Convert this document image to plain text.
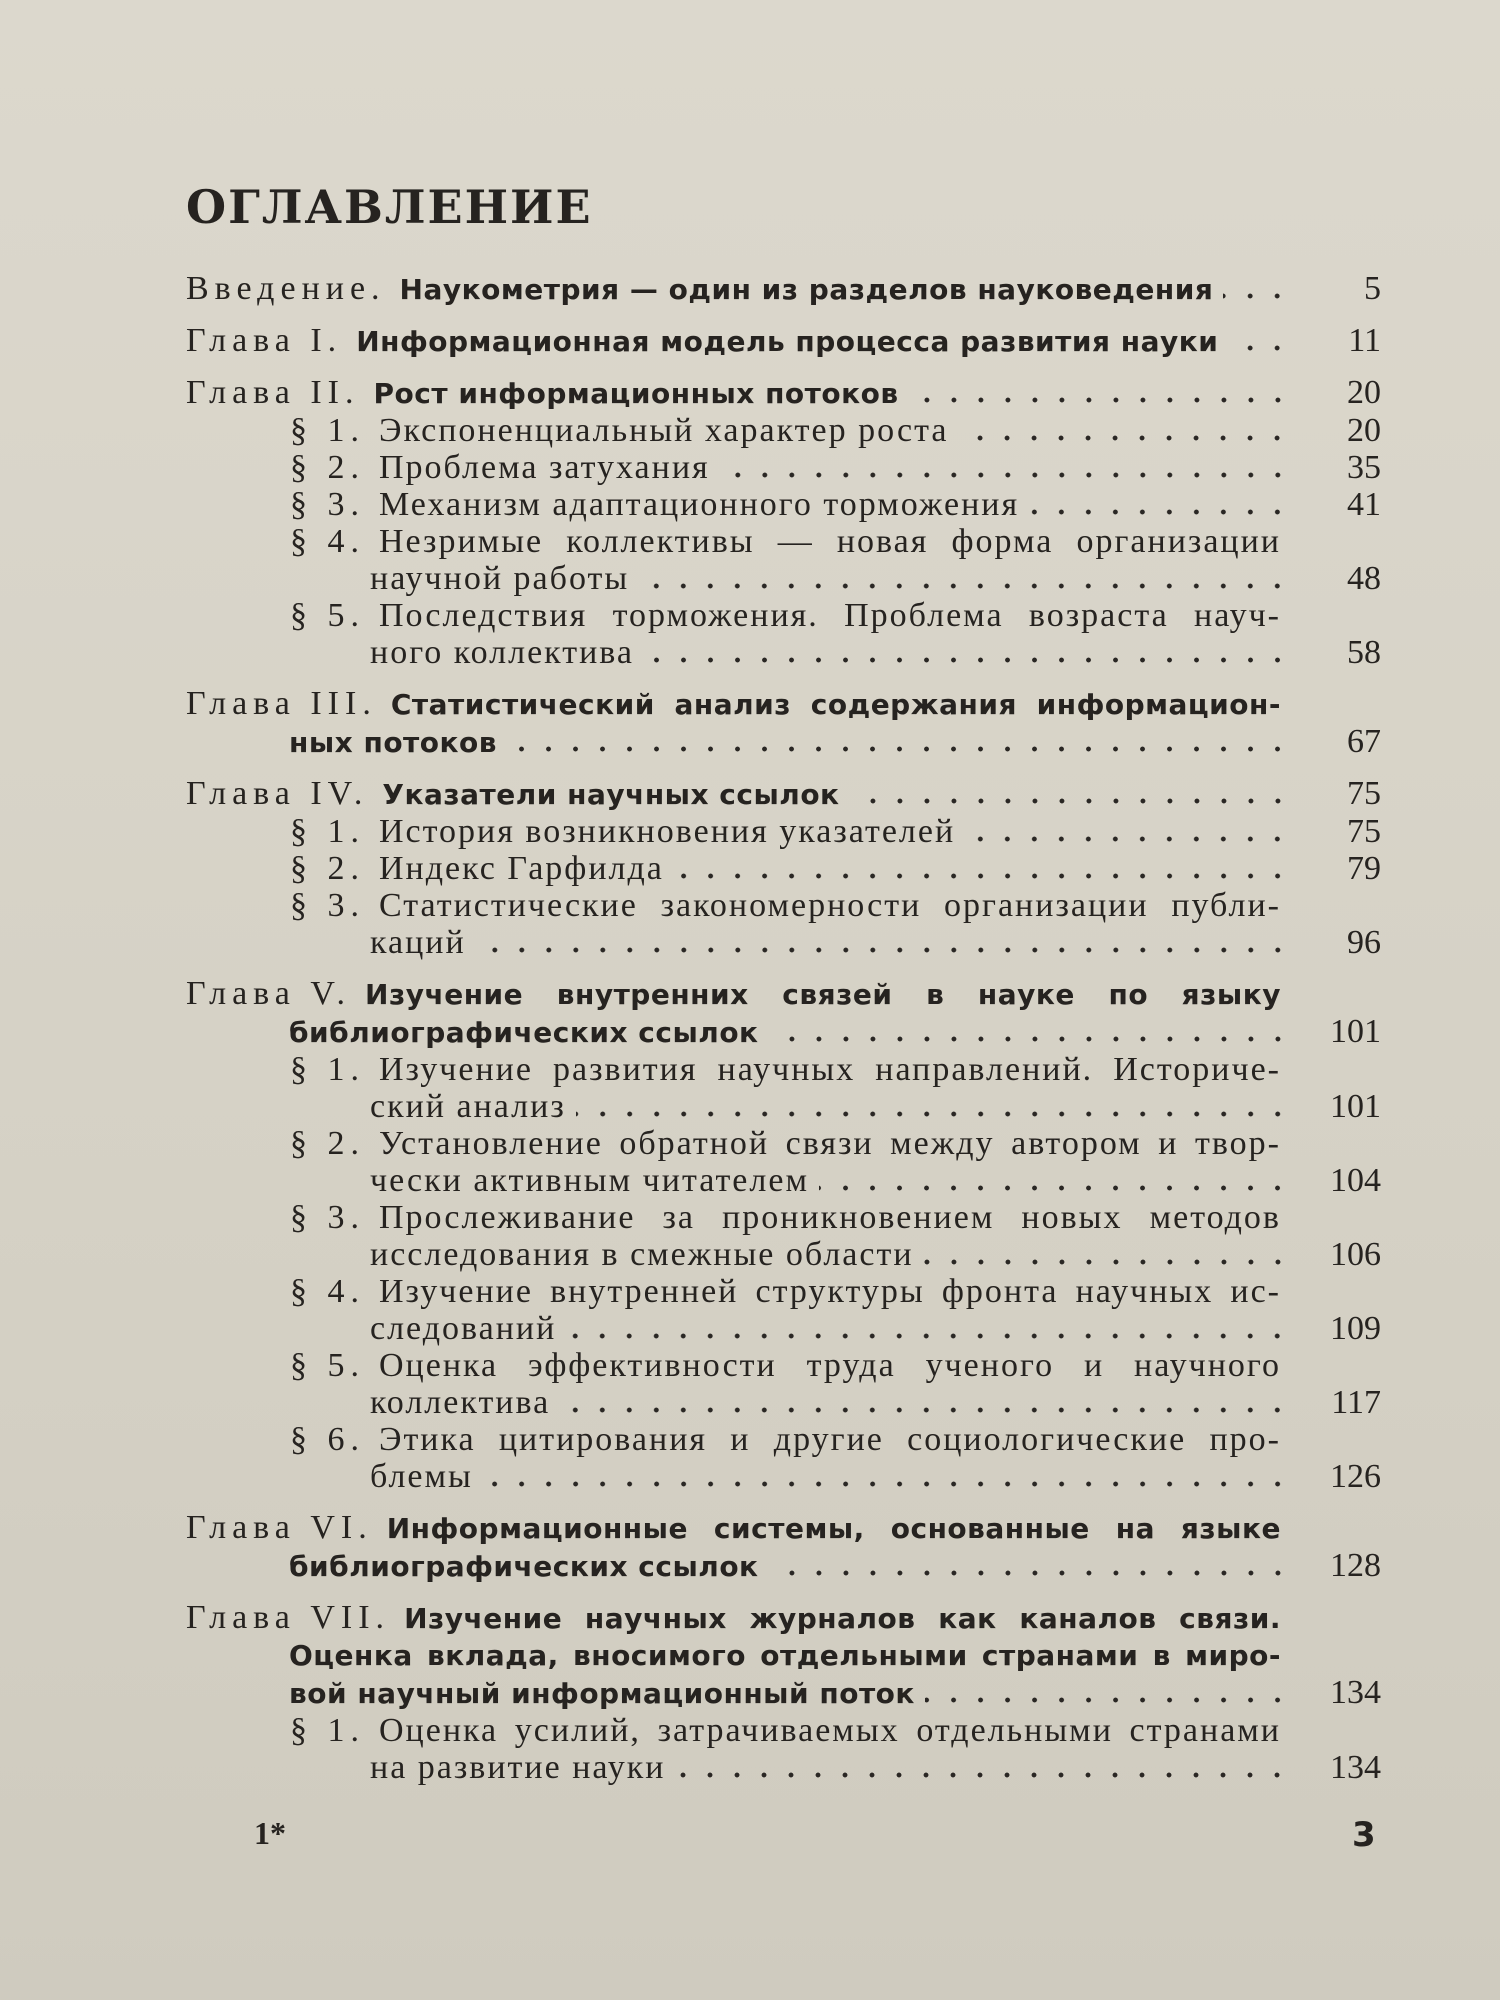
ОГЛАВЛЕНИЕ
Введение. Наукометрия — один из разделов науковедения	5
Глава I. Информационная модель процесса развития науки	11
Глава II. Рост информационных потоков	20
§ 1. Экспоненциальный характер роста	20
§ 2. Проблема затухания	35
§ 3. Механизм адаптационного торможения	41
§ 4. Незримые коллективы — новая форма организации
научной работы	48
§ 5. Последствия торможения. Проблема возраста науч-
ного коллектива	58
Глава III. Статистический анализ содержания информацион-
ных потоков	67
Глава IV. Указатели научных ссылок	75
§ 1. История возникновения указателей	75
§ 2. Индекс Гарфилда	79
§ 3. Статистические закономерности организации публи-
каций	96
Глава V. Изучение внутренних связей в науке по языку
библиографических ссылок	101
§ 1. Изучение развития научных направлений. Историче-
ский анализ	101
§ 2. Установление обратной связи между автором и твор-
чески активным читателем	104
§ 3. Прослеживание за проникновением новых методов
исследования в смежные области	106
§ 4. Изучение внутренней структуры фронта научных ис-
следований	109
§ 5. Оценка эффективности труда ученого и научного
коллектива	117
§ 6. Этика цитирования и другие социологические про-
блемы	126
Глава VI. Информационные системы, основанные на языке
библиографических ссылок	128
Глава VII. Изучение научных журналов как каналов связи.
Оценка вклада, вносимого отдельными странами в миро-
вой научный информационный поток	134
§ 1. Оценка усилий, затрачиваемых отдельными странами
на развитие науки	134
1*	3
